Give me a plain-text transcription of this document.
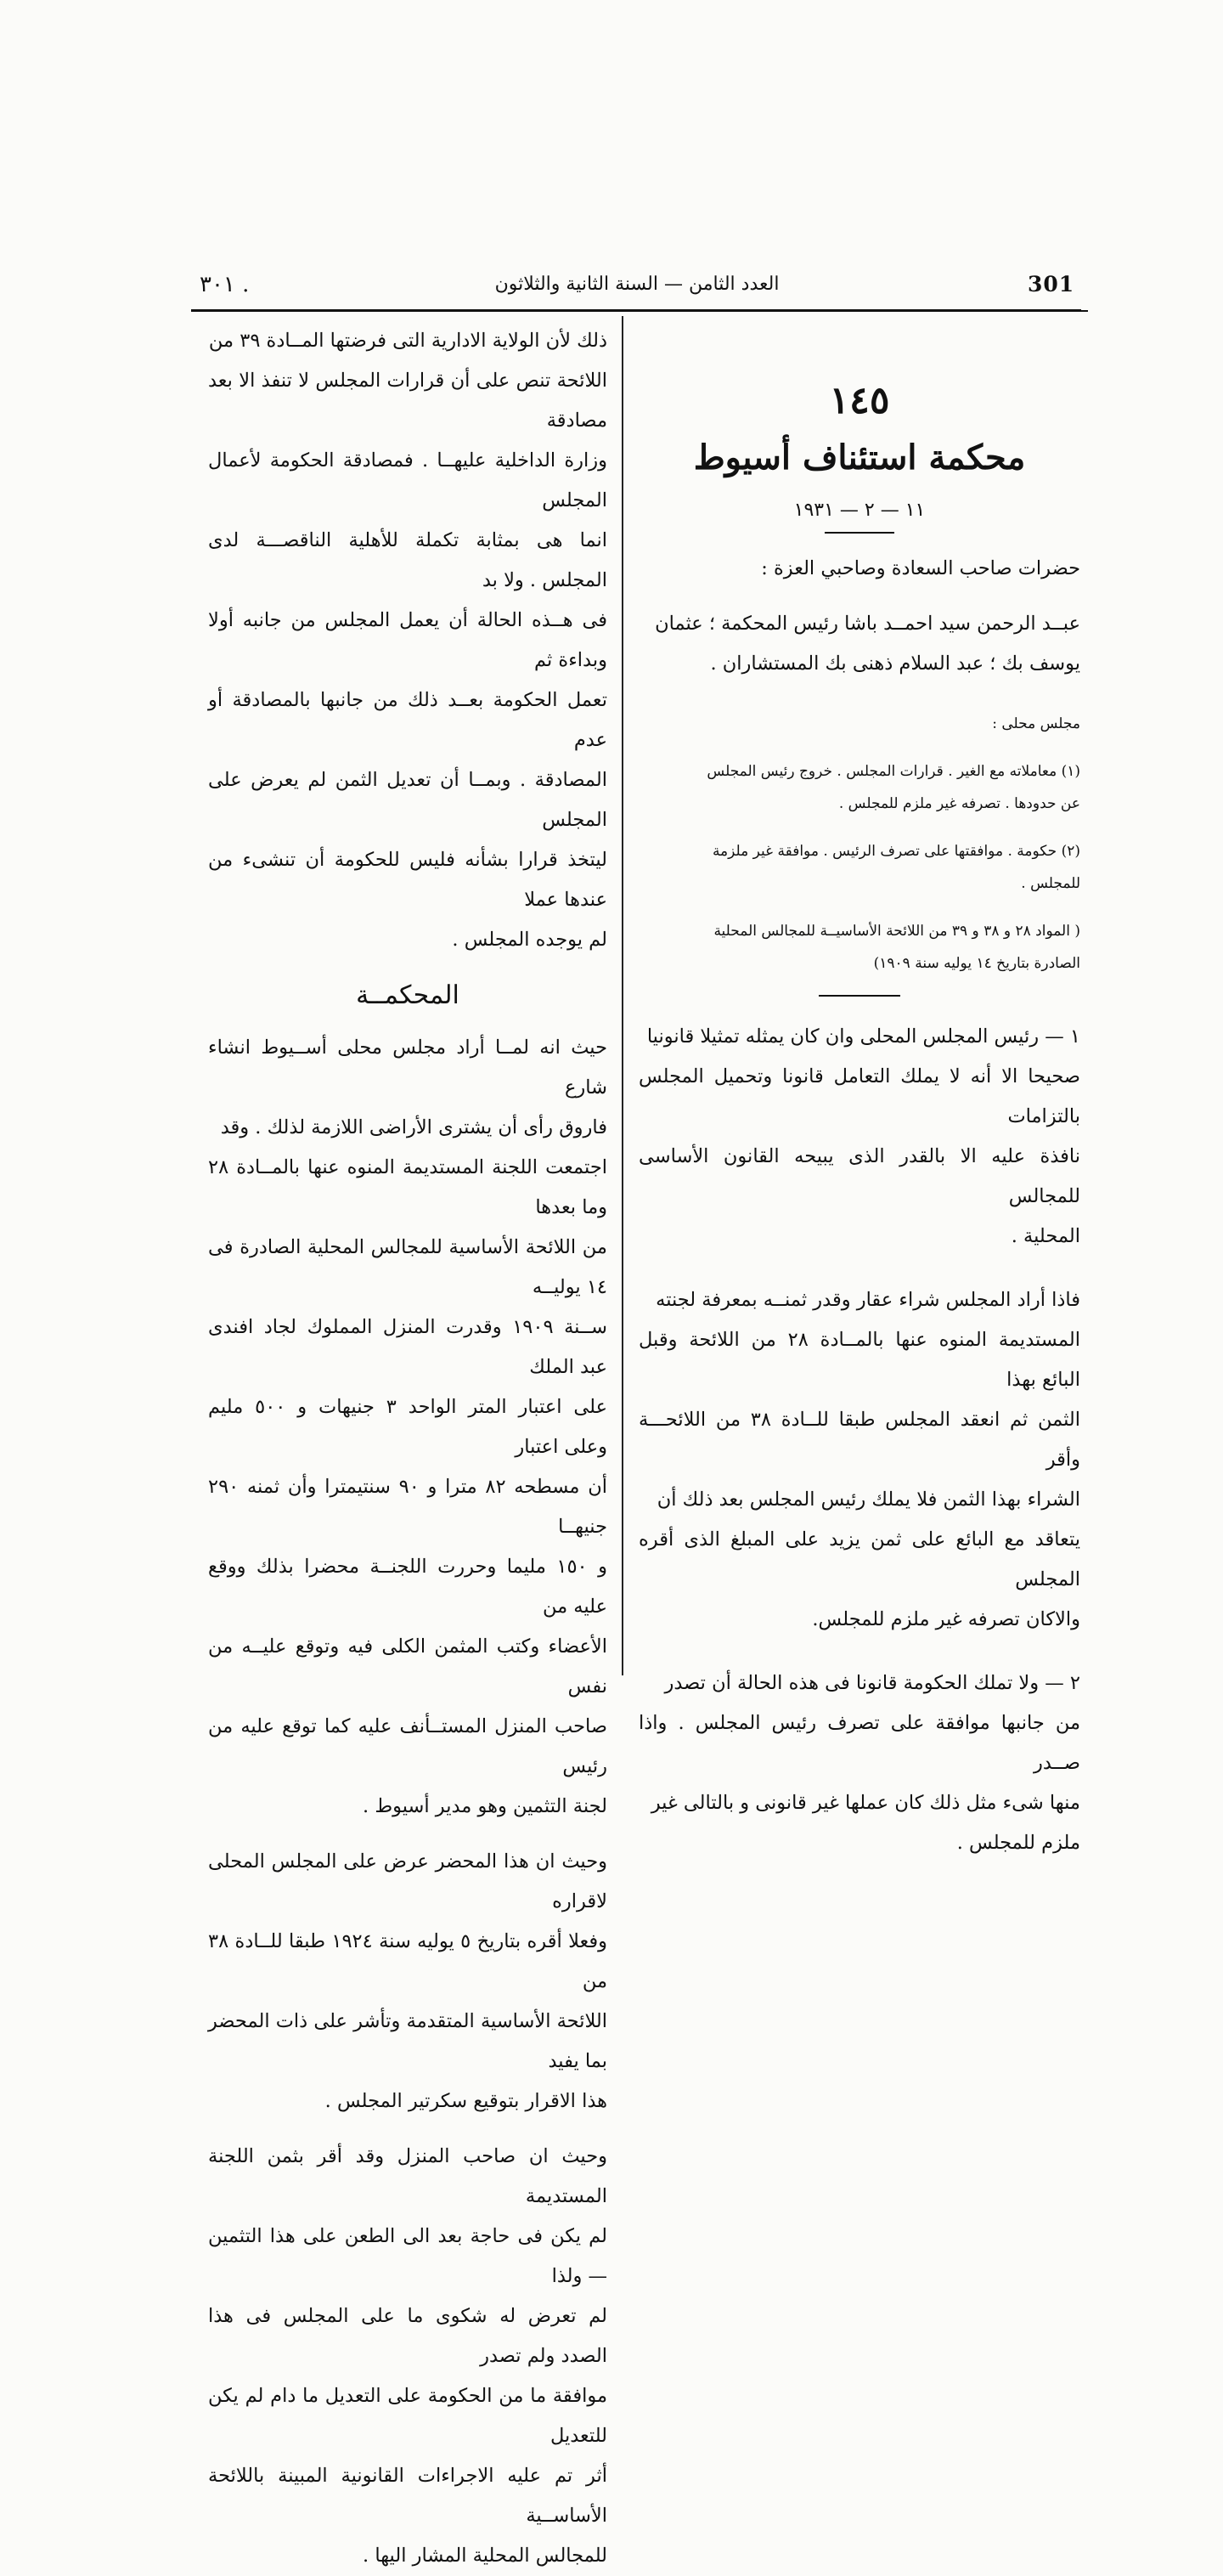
301
العدد الثامن — السنة الثانية والثلاثون
. ٣٠١
١٤٥
محكمة استئناف أسيوط
١١ — ٢ — ١٩٣١

حضرات صاحب السعادة وصاحبي العزة :

عبــد الرحمن سيد احمــد باشا رئيس المحكمة ؛ عثمان

يوسف بك ؛ عبد السلام ذهنى بك المستشاران .

مجلس محلى :

(١) معاملاته مع الغير . قرارات المجلس . خروج رئيس المجلس

عن حدودها . تصرفه غير ملزم للمجلس .

(٢) حكومة . موافقتها على تصرف الرئيس . موافقة غير ملزمة

للمجلس .

( المواد ٢٨ و ٣٨ و ٣٩ من اللائحة الأساسيــة للمجالس المحلية

الصادرة بتاريخ ١٤ يوليه سنة ١٩٠٩)

١ — رئيس المجلس المحلى وان كان يمثله تمثيلا قانونيا

صحيحا الا أنه لا يملك التعامل قانونا وتحميل المجلس بالتزامات

نافذة عليه الا بالقدر الذى يبيحه القانون الأساسى للمجالس

المحلية .

فاذا أراد المجلس شراء عقار وقدر ثمنــه بمعرفة لجنته

المستديمة المنوه عنها بالمــادة ٢٨ من اللائحة وقبل البائع بهذا

الثمن ثم انعقد المجلس طبقا للــادة ٣٨ من اللائحـــة وأقر

الشراء بهذا الثمن فلا يملك رئيس المجلس بعد ذلك أن

يتعاقد مع البائع على ثمن يزيد على المبلغ الذى أقره المجلس

والاكان تصرفه غير ملزم للمجلس.

٢ — ولا تملك الحكومة قانونا فى هذه الحالة أن تصدر

من جانبها موافقة على تصرف رئيس المجلس . واذا صــدر

منها شىء مثل ذلك كان عملها غير قانونى و بالتالى غير

ملزم للمجلس .

ذلك لأن الولاية الادارية التى فرضتها المــادة ٣٩ من

اللائحة تنص على أن قرارات المجلس لا تنفذ الا بعد مصادقة

وزارة الداخلية عليهــا . فمصادقة الحكومة لأعمال المجلس

انما هى بمثابة تكملة للأهلية الناقصـــة لدى المجلس . ولا بد

فى هــذه الحالة أن يعمل المجلس من جانبه أولا وبداءة ثم

تعمل الحكومة بعــد ذلك من جانبها بالمصادقة أو عدم

المصادقة . وبمــا أن تعديل الثمن لم يعرض على المجلس

ليتخذ قرارا بشأنه فليس للحكومة أن تنشىء من عندها عملا

لم يوجده المجلس .

المحكمــة

حيث انه لمــا أراد مجلس محلى أســيوط انشاء شارع

فاروق رأى أن يشترى الأراضى اللازمة لذلك . وقد

اجتمعت اللجنة المستديمة المنوه عنها بالمــادة ٢٨ وما بعدها

من اللائحة الأساسية للمجالس المحلية الصادرة فى ١٤ يوليــه

ســنة ١٩٠٩ وقدرت المنزل المملوك لجاد افندى عبد الملك

على اعتبار المتر الواحد ٣ جنيهات و ٥٠٠ مليم وعلى اعتبار

أن مسطحه ٨٢ مترا و ٩٠ سنتيمترا وأن ثمنه ٢٩٠ جنيهــا

و ١٥٠ مليما وحررت اللجنــة محضرا بذلك ووقع عليه من

الأعضاء وكتب المثمن الكلى فيه وتوقع عليــه من نفس

صاحب المنزل المستــأنف عليه كما توقع عليه من رئيس

لجنة التثمين وهو مدير أسيوط .

وحيث ان هذا المحضر عرض على المجلس المحلى لاقراره

وفعلا أقره بتاريخ ٥ يوليه سنة ١٩٢٤ طبقا للــادة ٣٨ من

اللائحة الأساسية المتقدمة وتأشر على ذات المحضر بما يفيد

هذا الاقرار بتوقيع سكرتير المجلس .

وحيث ان صاحب المنزل وقد أقر بثمن اللجنة المستديمة

لم يكن فى حاجة بعد الى الطعن على هذا التثمين — ولذا

لم تعرض له شكوى ما على المجلس فى هذا الصدد ولم تصدر

موافقة ما من الحكومة على التعديل ما دام لم يكن للتعديل

أثر تم عليه الاجراءات القانونية المبينة باللائحة الأساســية

للمجالس المحلية المشار اليها .
